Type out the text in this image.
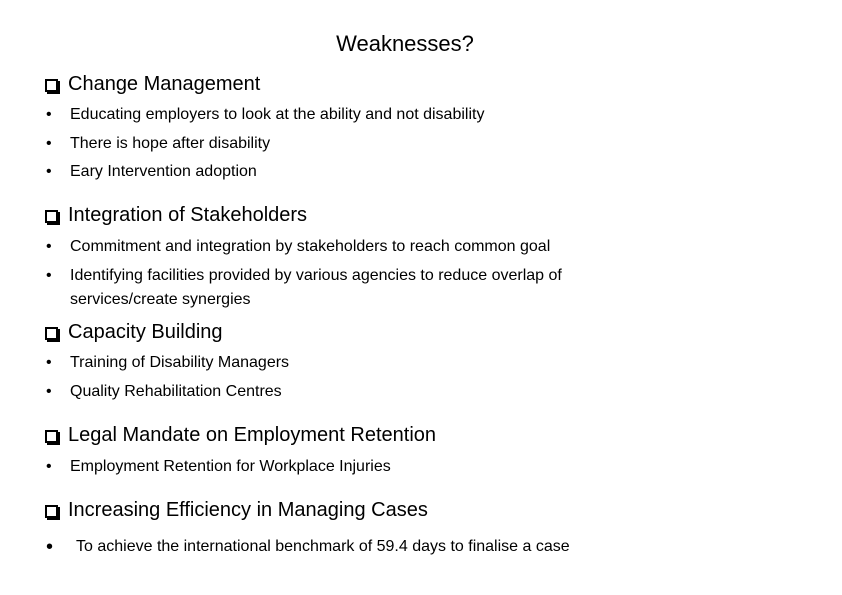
Weaknesses?
Change Management
•	Educating employers to look at the ability and not disability
•	There is hope after disability
•	Eary Intervention adoption
Integration of Stakeholders
•	Commitment and integration by stakeholders to reach common goal
•	Identifying facilities provided by various agencies to reduce overlap of services/create synergies
Capacity Building
•	Training of Disability Managers
•	Quality Rehabilitation Centres
Legal Mandate on Employment Retention
•	Employment Retention for Workplace Injuries
Increasing Efficiency in Managing Cases
•	To achieve the international benchmark of 59.4 days to finalise a case
